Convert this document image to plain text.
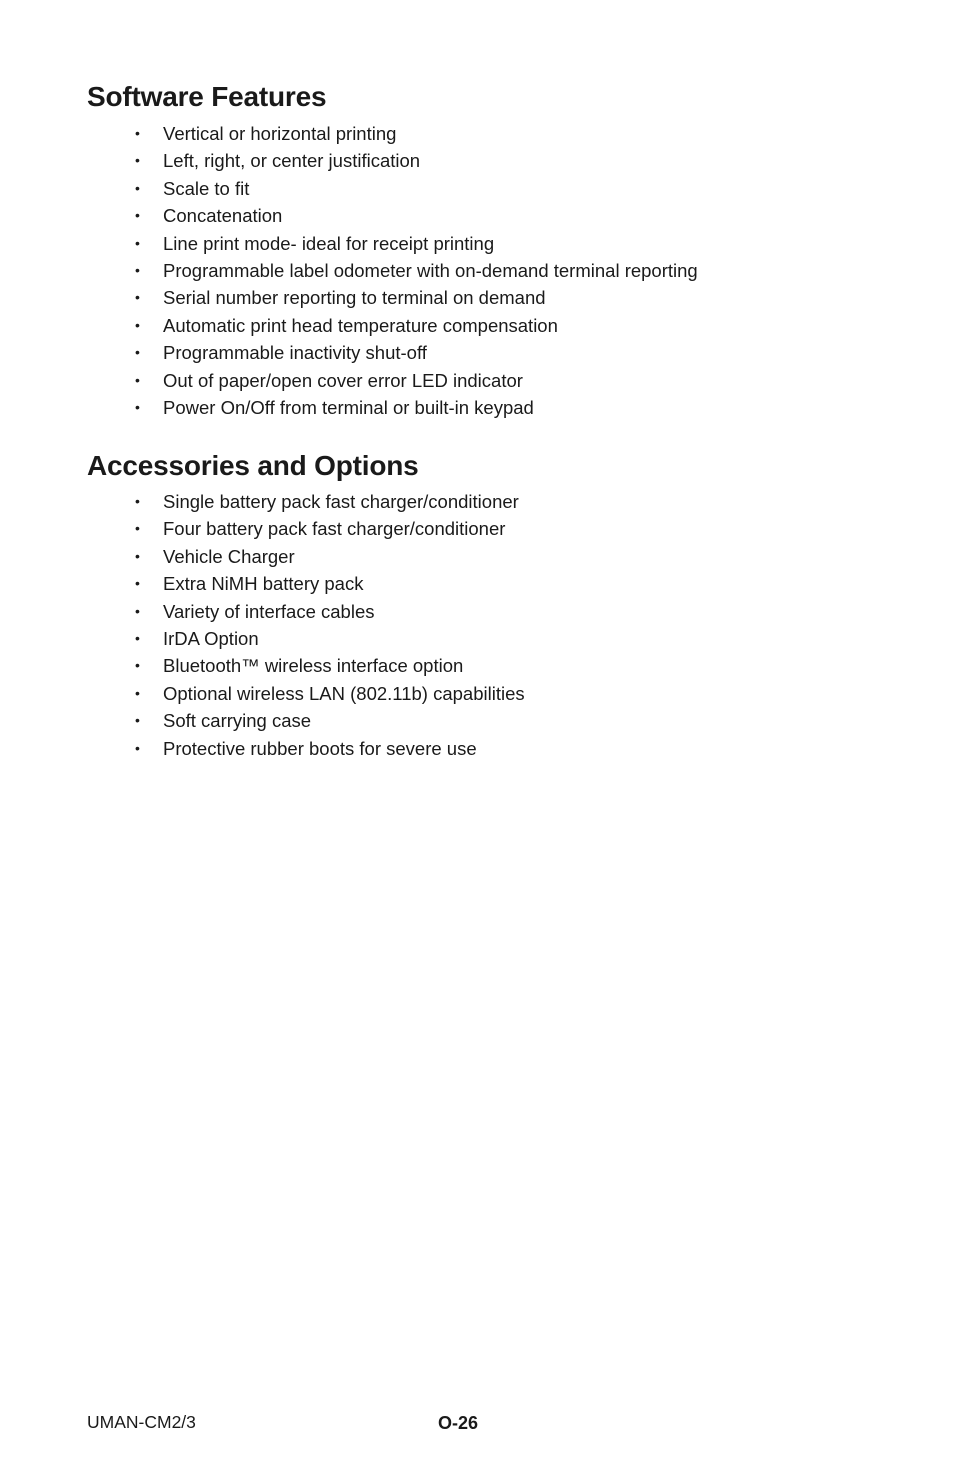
Software Features
• Vertical or horizontal printing
• Left, right, or center justification
• Scale to fit
• Concatenation
• Line print mode- ideal for receipt printing
• Programmable label odometer with on-demand terminal reporting
• Serial number reporting to terminal on demand
• Automatic print head temperature compensation
• Programmable inactivity shut-off
• Out of paper/open cover error LED indicator
• Power On/Off from terminal or built-in keypad
Accessories and Options
• Single battery pack fast charger/conditioner
• Four battery pack fast charger/conditioner
• Vehicle Charger
• Extra NiMH battery pack
• Variety of interface cables
• IrDA Option
• Bluetooth™ wireless interface option
• Optional wireless LAN (802.11b) capabilities
• Soft carrying case
• Protective rubber boots for severe use
UMAN-CM2/3	O-26
